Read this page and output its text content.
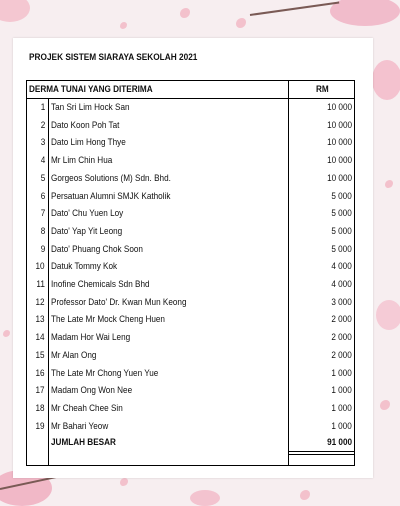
PROJEK SISTEM SIARAYA SEKOLAH 2021
DERMA TUNAI YANG DITERIMA	RM
1 Tan Sri Lim Hock San	10 000
2 Dato Koon Poh Tat	10 000
3 Dato Lim Hong Thye	10 000
4 Mr Lim Chin Hua	10 000
5 Gorgeos Solutions (M) Sdn. Bhd.	10 000
6 Persatuan Alumni SMJK Katholik	5 000
7 Dato' Chu Yuen Loy	5 000
8 Dato' Yap Yit Leong	5 000
9 Dato' Phuang Chok Soon	5 000
10 Datuk Tommy Kok	4 000
11 Inofine Chemicals Sdn Bhd	4 000
12 Professor Dato' Dr. Kwan Mun Keong	3 000
13 The Late Mr Mock Cheng Huen	2 000
14 Madam Hor Wai Leng	2 000
15 Mr Alan Ong	2 000
16 The Late Mr Chong Yuen Yue	1 000
17 Madam Ong Won Nee	1 000
18 Mr Cheah Chee Sin	1 000
19 Mr Bahari Yeow	1 000
JUMLAH BESAR	91 000
